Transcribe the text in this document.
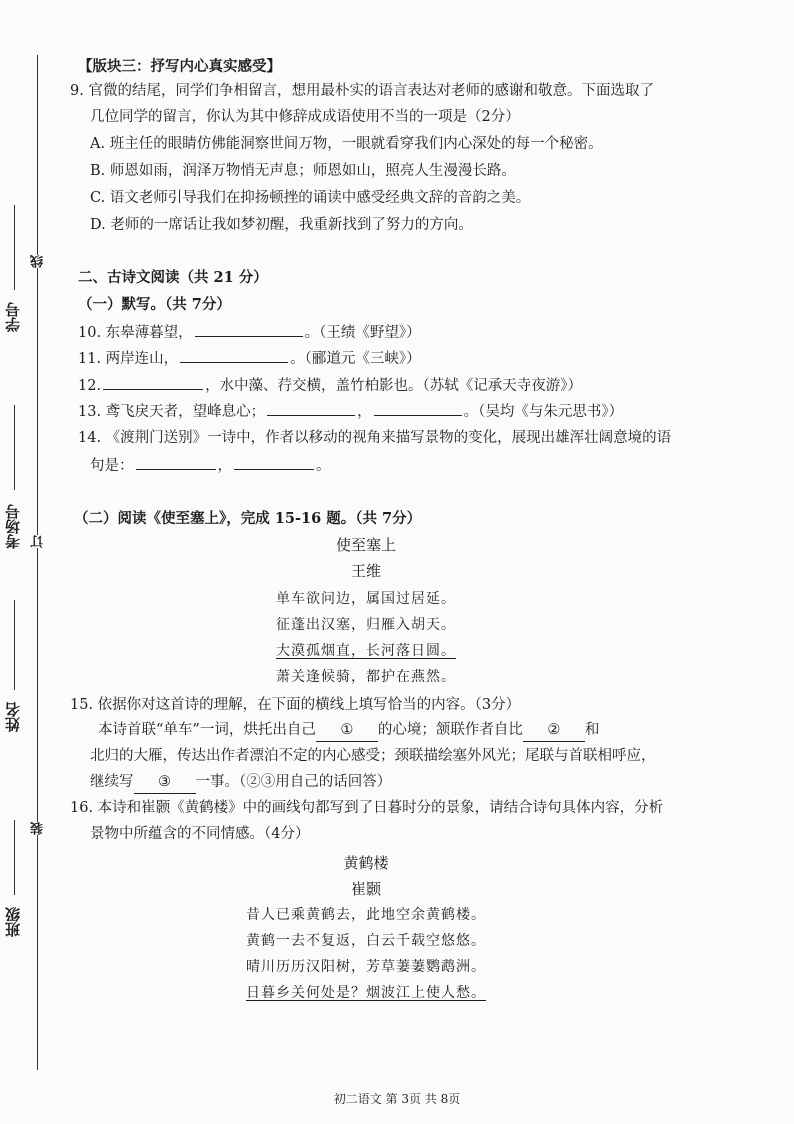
学号
考场号
姓名
班级
线
订
装
【版块三：抒写内心真实感受】
9. 官微的结尾，同学们争相留言，想用最朴实的语言表达对老师的感谢和敬意。下面选取了
几位同学的留言，你认为其中修辞成成语使用不当的一项是（2分）
A. 班主任的眼睛仿佛能洞察世间万物，一眼就看穿我们内心深处的每一个秘密。
B. 师恩如雨，润泽万物悄无声息；师恩如山，照亮人生漫漫长路。
C. 语文老师引导我们在抑扬顿挫的诵读中感受经典文辞的音韵之美。
D. 老师的一席话让我如梦初醒，我重新找到了努力的方向。
二、古诗文阅读（共 21 分）
（一）默写。（共 7分）
10. 东皋薄暮望，	。（王绩《野望》）
11. 两岸连山，	。（郦道元《三峡》）
12.	，水中藻、荇交横，盖竹柏影也。（苏轼《记承天寺夜游》）
13. 鸢飞戾天者，望峰息心；	，	。（吴均《与朱元思书》）
14. 《渡荆门送别》一诗中，作者以移动的视角来描写景物的变化，展现出雄浑壮阔意境的语
句是：	，	。
（二）阅读《使至塞上》，完成 15-16 题。（共 7分）
使至塞上
王维
单车欲问边，属国过居延。
征蓬出汉塞，归雁入胡天。
大漠孤烟直，长河落日圆。
萧关逢候骑，都护在燕然。
15. 依据你对这首诗的理解，在下面的横线上填写恰当的内容。（3分）
本诗首联“单车”一词，烘托出自己 ① 的心境；颔联作者自比 ② 和
北归的大雁，传达出作者漂泊不定的内心感受；颈联描绘塞外风光；尾联与首联相呼应，
继续写 ③ 一事。（②③用自己的话回答）
16. 本诗和崔颢《黄鹤楼》中的画线句都写到了日暮时分的景象，请结合诗句具体内容，分析
景物中所蕴含的不同情感。（4分）
黄鹤楼
崔颢
昔人已乘黄鹤去，此地空余黄鹤楼。
黄鹤一去不复返，白云千载空悠悠。
晴川历历汉阳树，芳草萋萋鹦鹉洲。
日暮乡关何处是？烟波江上使人愁。
初二语文 第 3页 共 8页
